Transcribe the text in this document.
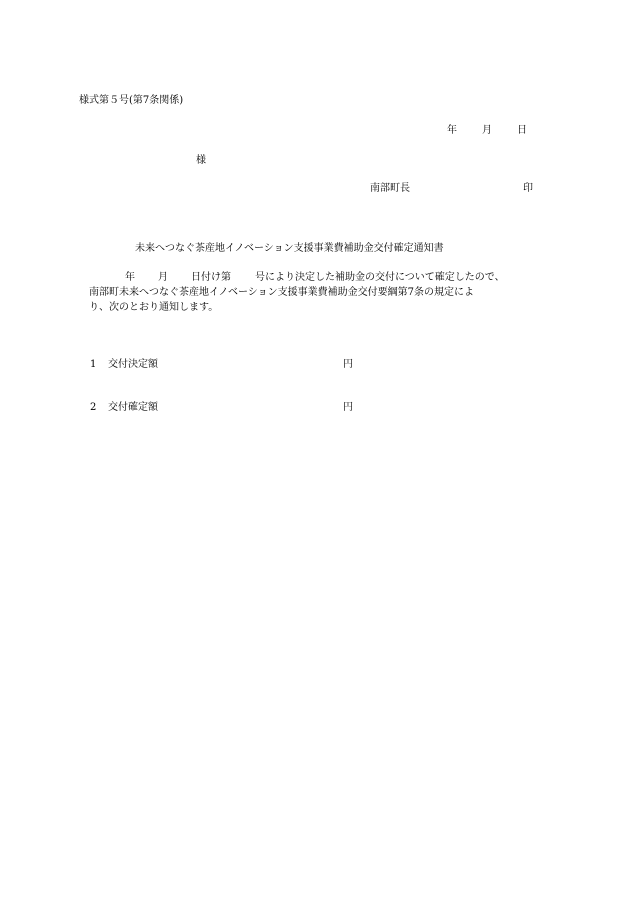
様式第５号(第7条関係)
年	月	日
様
南部町長	印
未来へつなぐ茶産地イノベーション支援事業費補助金交付確定通知書
年 月 日付け第 号により決定した補助金の交付について確定したので、
南部町未来へつなぐ茶産地イノベーション支援事業費補助金交付要綱第7条の規定によ
り、次のとおり通知します。
1 交付決定額	円
2 交付確定額	円
